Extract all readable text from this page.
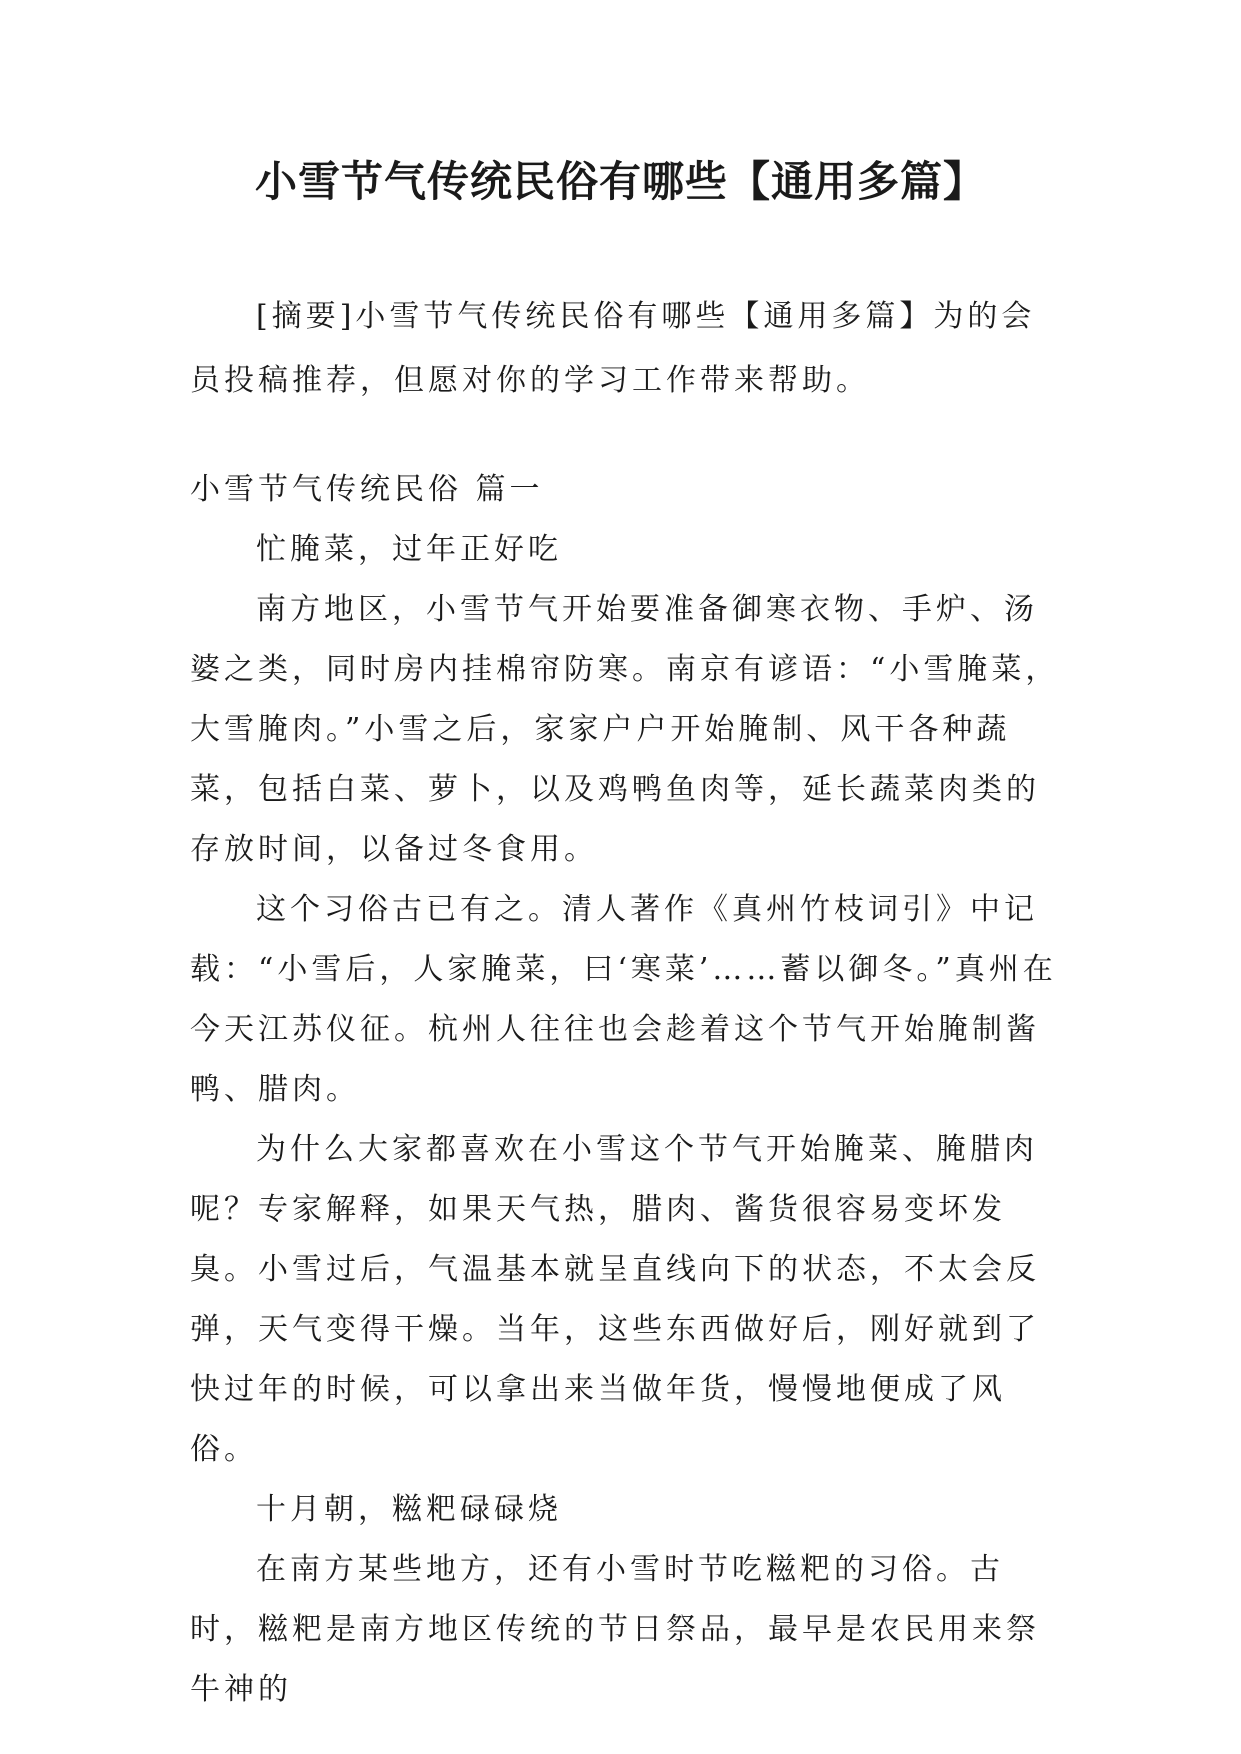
小雪节气传统民俗有哪些【通用多篇】

[摘要]小雪节气传统民俗有哪些【通用多篇】为的会员投稿推荐，但愿对你的学习工作带来帮助。

小雪节气传统民俗 篇一

忙腌菜，过年正好吃

南方地区，小雪节气开始要准备御寒衣物、手炉、汤婆之类，同时房内挂棉帘防寒。南京有谚语：“小雪腌菜，大雪腌肉。”小雪之后，家家户户开始腌制、风干各种蔬菜，包括白菜、萝卜，以及鸡鸭鱼肉等，延长蔬菜肉类的存放时间，以备过冬食用。

这个习俗古已有之。清人著作《真州竹枝词引》中记载：“小雪后，人家腌菜，曰‘寒菜’……蓄以御冬。”真州在今天江苏仪征。杭州人往往也会趁着这个节气开始腌制酱鸭、腊肉。

为什么大家都喜欢在小雪这个节气开始腌菜、腌腊肉呢？专家解释，如果天气热，腊肉、酱货很容易变坏发臭。小雪过后，气温基本就呈直线向下的状态，不太会反弹，天气变得干燥。当年，这些东西做好后，刚好就到了快过年的时候，可以拿出来当做年货，慢慢地便成了风俗。

十月朝，糍粑碌碌烧

在南方某些地方，还有小雪时节吃糍粑的习俗。古时，糍粑是南方地区传统的节日祭品，最早是农民用来祭牛神的
